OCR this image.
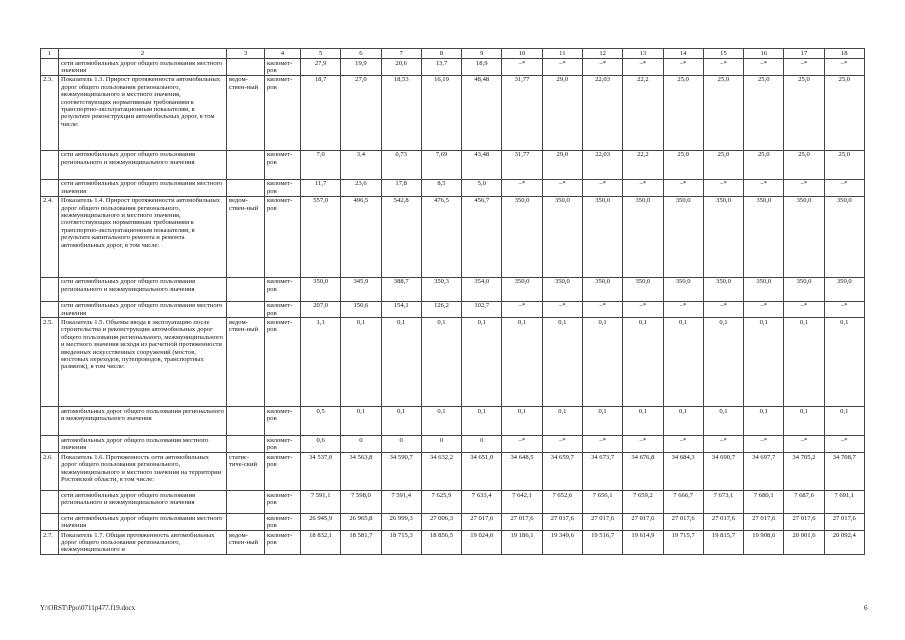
1	2	3	4	5	6	7	8	9	10	11	12	13	14	15	16	17	18
	сети автомобильных дорог общего пользования местного значения		километ-ров	27,9	19,9	20,6	13,7	18,9	–*	–*	–*	–*	–*	–*	–*	–*	–*
2.3.	Показатель 1.3. Прирост протяженности автомобильных дорог общего пользования регионального, межмуниципального и местного значения, соответствующих нормативным требованиям к транспортно-эксплуатационным показателям, в результате реконструкции автомобильных дорог, в том числе:	ведом-ствен-ный	километ-ров	18,7	27,0	18,53	16,19	48,48	31,77	29,0	22,03	22,2	25,0	25,0	25,0	25,0	25,0
	сети автомобильных дорог общего пользования регионального и межмуниципального значения		километ-ров	7,0	3,4	0,73	7,69	43,48	31,77	29,0	22,03	22,2	25,0	25,0	25,0	25,0	25,0
	сети автомобильных дорог общего пользования местного значения		километ-ров	11,7	23,6	17,8	8,5	5,0	–*	–*	–*	–*	–*	–*	–*	–*	–*
2.4.	Показатель 1.4. Прирост протяженности автомобильных дорог общего пользования регионального, межмуниципального и местного значения, соответствующих нормативным требованиям к транспортно-эксплуатационным показателям, в результате капитального ремонта и ремонта автомобильных дорог, в том числе:	ведом-ствен-ный	километ-ров	557,0	496,5	542,8	476,5	456,7	350,0	350,0	350,0	350,0	350,0	350,0	350,0	350,0	350,0
	сети автомобильных дорог общего пользования регионального и межмуниципального значения		километ-ров	350,0	345,9	388,7	350,3	354,0	350,0	350,0	350,0	350,0	350,0	350,0	350,0	350,0	350,0
	сети автомобильных дорог общего пользования местного значения		километ-ров	207,0	150,6	154,1	126,2	102,7	–*	–*	–*	–*	–*	–*	–*	–*	–*
2.5.	Показатель 1.5. Объемы ввода в эксплуатацию после строительства и реконструкции автомобильных дорог общего пользования регионального, межмуниципального и местного значения исходя из расчетной протяженности введенных искусственных сооружений (мостов, мостовых переходов, путепроводов, транспортных развязок), в том числе:	ведом-ствен-ный	километ-ров	1,1	0,1	0,1	0,1	0,1	0,1	0,1	0,1	0,1	0,1	0,1	0,1	0,1	0,1
	автомобильных дорог общего пользования регионального и межмуниципального значения		километ-ров	0,5	0,1	0,1	0,1	0,1	0,1	0,1	0,1	0,1	0,1	0,1	0,1	0,1	0,1
	автомобильных дорог общего пользования местного значения		километ-ров	0,6	0	0	0	0	–*	–*	–*	–*	–*	–*	–*	–*	–*
2.6.	Показатель 1.6. Протяженность сети автомобильных дорог общего пользования регионального, межмуниципального и местного значения на территории Ростовской области, в том числе:	статис-тиче-ский	километ-ров	34 537,0	34 563,8	34 590,7	34 632,2	34 651,0	34 648,5	34 659,7	34 673,7	34 676,8	34 684,3	34 690,7	34 697,7	34 705,2	34 708,7
	сети автомобильных дорог общего пользования регионального и межмуниципального значения		километ-ров	7 591,1	7 598,0	7 591,4	7 625,9	7 633,4	7 642,1	7 652,6	7 656,1	7 659,2	7 666,7	7 673,1	7 680,1	7 687,6	7 691,1
	сети автомобильных дорог общего пользования местного значения		километ-ров	26 945,9	26 965,8	26 999,3	27 006,3	27 017,6	27 017,6	27 017,6	27 017,6	27 017,6	27 017,6	27 017,6	27 017,6	27 017,6	27 017,6
2.7.	Показатель 1.7. Общая протяженность автомобильных дорог общего пользования регионального, межмуниципального и	ведом-ствен-ный	километ-ров	18 832,1	18 581,7	18 715,3	18 856,5	19 024,0	19 186,1	19 349,6	19 516,7	19 614,9	19 715,7	19 815,7	19 908,6	20 001,6	20 092,4
Y:\ORST\Ppo\0711p477.f19.docx	6
